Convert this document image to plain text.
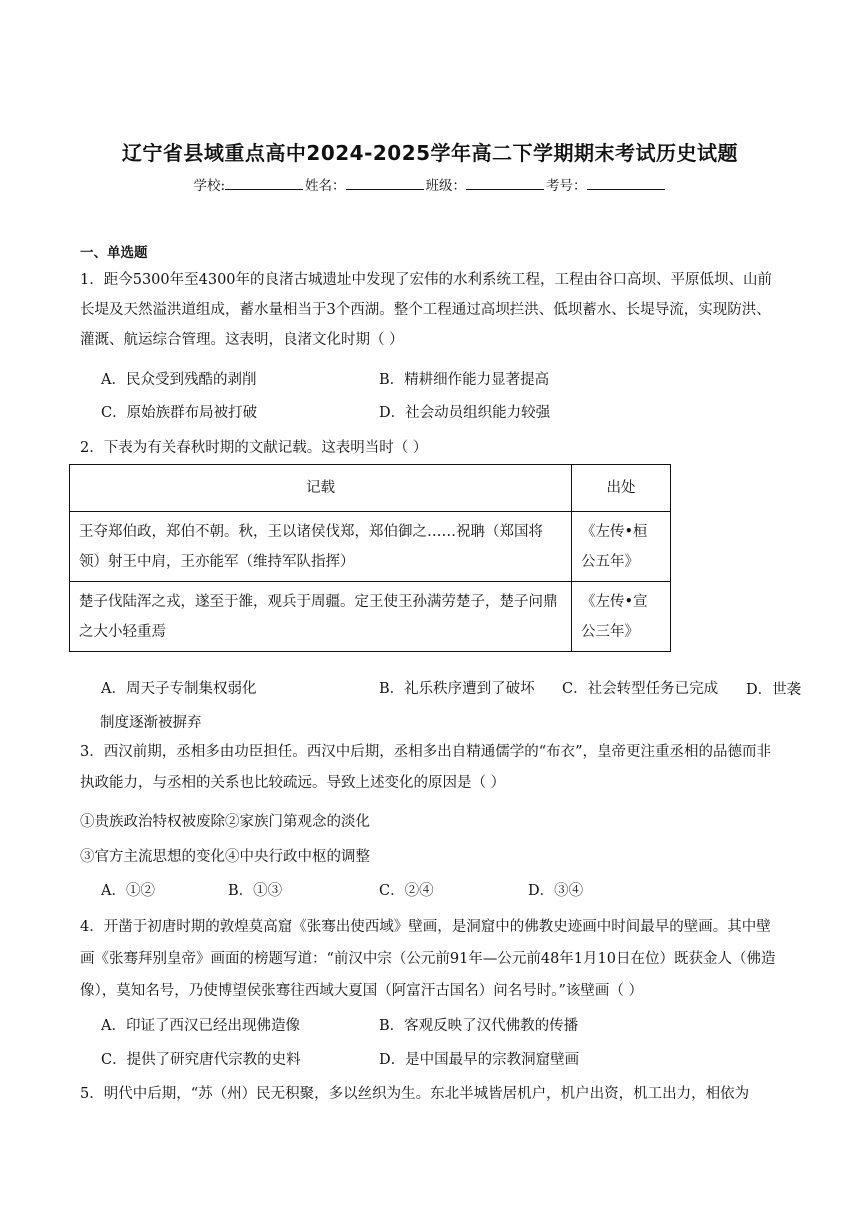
辽宁省县域重点高中2024-2025学年高二下学期期末考试历史试题
学校:	姓名：	班级：	考号：
一、单选题

1．距今5300年至4300年的良渚古城遗址中发现了宏伟的水利系统工程，工程由谷口高坝、平原低坝、山前长堤及天然溢洪道组成，蓄水量相当于3个西湖。整个工程通过高坝拦洪、低坝蓄水、长堤导流，实现防洪、灌溉、航运综合管理。这表明，良渚文化时期（ ）

A．民众受到残酷的剥削	B．精耕细作能力显著提高
C．原始族群布局被打破	D．社会动员组织能力较强

2．下表为有关春秋时期的文献记载。这表明当时（ ）

记载	出处
王夺郑伯政，郑伯不朝。秋，王以诸侯伐郑，郑伯御之……祝聃（郑国将领）射王中肩，王亦能军（维持军队指挥）	《左传•桓公五年》
楚子伐陆浑之戎，遂至于雒，观兵于周疆。定王使王孙满劳楚子，楚子问鼎之大小轻重焉	《左传•宣公三年》
A．周天子专制集权弱化	B．礼乐秩序遭到了破坏 C．社会转型任务已完成	D．世袭制度逐渐被摒弃

3．西汉前期，丞相多由功臣担任。西汉中后期，丞相多出自精通儒学的“布衣”，皇帝更注重丞相的品德而非执政能力，与丞相的关系也比较疏远。导致上述变化的原因是（ ）

①贵族政治特权被废除②家族门第观念的淡化
③官方主流思想的变化④中央行政中枢的调整
A．①②	B．①③	C．②④	D．③④

4．开凿于初唐时期的敦煌莫高窟《张骞出使西域》壁画，是洞窟中的佛教史迹画中时间最早的壁画。其中壁画《张骞拜别皇帝》画面的榜题写道：“前汉中宗（公元前91年—公元前48年1月10日在位）既获金人（佛造像），莫知名号，乃使博望侯张骞往西域大夏国（阿富汗古国名）问名号时。”该壁画（ ）

A．印证了西汉已经出现佛造像	B．客观反映了汉代佛教的传播
C．提供了研究唐代宗教的史料	D．是中国最早的宗教洞窟壁画

5．明代中后期，“苏（州）民无积聚，多以丝织为生。东北半城皆居机户，机户出资，机工出力，相依为
